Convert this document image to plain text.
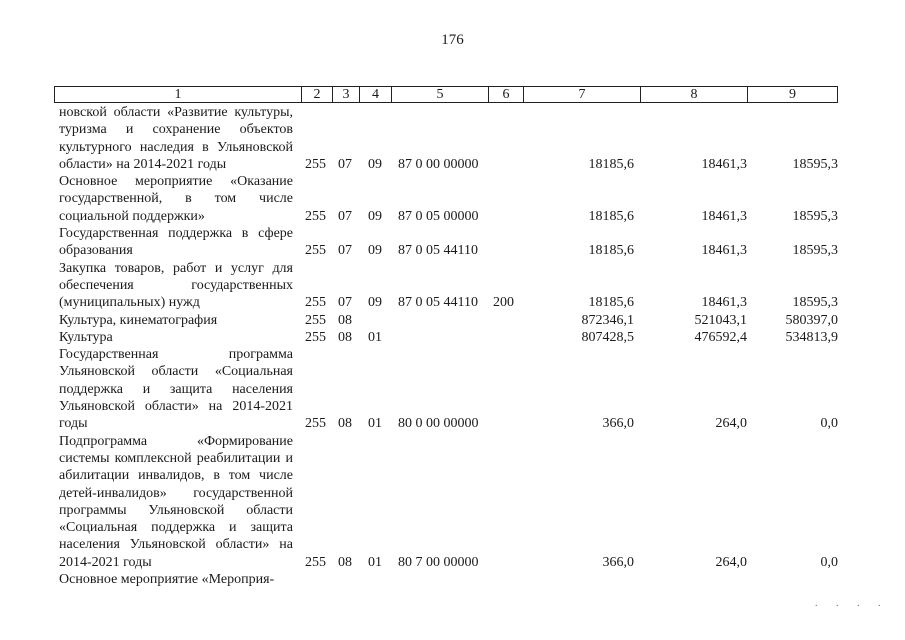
176
1	2	3	4	5	6	7	8	9
новской области «Развитие культуры, туризма и сохранение объектов культурного наследия в Ульяновской области» на 2014-2021 годы	255 07 09 87 0 00 00000	18185,6	18461,3	18595,3
Основное мероприятие «Оказание государственной, в том числе социальной поддержки»	255 07 09 87 0 05 00000	18185,6	18461,3	18595,3
Государственная поддержка в сфере образования	255 07 09 87 0 05 44110	18185,6	18461,3	18595,3
Закупка товаров, работ и услуг для обеспечения государственных (муниципальных) нужд	255 07 09 87 0 05 44110 200	18185,6	18461,3	18595,3
Культура, кинематография	255 08	872346,1	521043,1	580397,0
Культура	255 08 01	807428,5	476592,4	534813,9
Государственная программа Ульяновской области «Социальная поддержка и защита населения Ульяновской области» на 2014-2021 годы	255 08 01 80 0 00 00000	366,0	264,0	0,0
Подпрограмма «Формирование системы комплексной реабилитации и абилитации инвалидов, в том числе детей-инвалидов» государственной программы Ульяновской области «Социальная поддержка и защита населения Ульяновской области» на 2014-2021 годы	255 08 01 80 7 00 00000	366,0	264,0	0,0
Основное мероприятие «Мероприя-
. . . .
